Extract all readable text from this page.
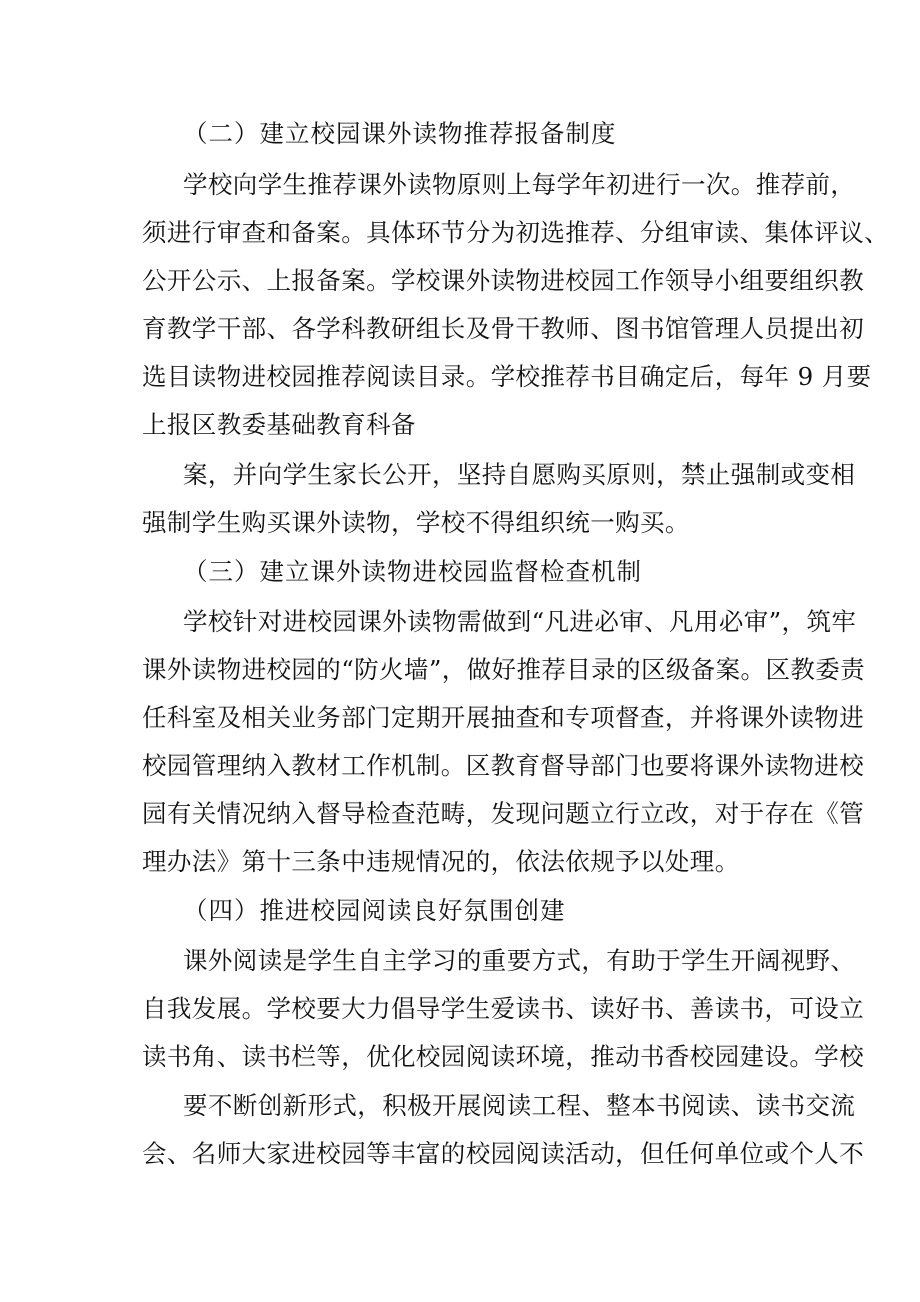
（二）建立校园课外读物推荐报备制度
学校向学生推荐课外读物原则上每学年初进行一次。推荐前，
须进行审查和备案。具体环节分为初选推荐、分组审读、集体评议、
公开公示、上报备案。学校课外读物进校园工作领导小组要组织教
育教学干部、各学科教研组长及骨干教师、图书馆管理人员提出初
选目读物进校园推荐阅读目录。学校推荐书目确定后，每年 9 月要
上报区教委基础教育科备
案，并向学生家长公开，坚持自愿购买原则，禁止强制或变相
强制学生购买课外读物，学校不得组织统一购买。
（三）建立课外读物进校园监督检查机制
学校针对进校园课外读物需做到“凡进必审、凡用必审”，筑牢
课外读物进校园的“防火墙”，做好推荐目录的区级备案。区教委责
任科室及相关业务部门定期开展抽查和专项督查，并将课外读物进
校园管理纳入教材工作机制。区教育督导部门也要将课外读物进校
园有关情况纳入督导检查范畴，发现问题立行立改，对于存在《管
理办法》第十三条中违规情况的，依法依规予以处理。
（四）推进校园阅读良好氛围创建
课外阅读是学生自主学习的重要方式，有助于学生开阔视野、
自我发展。学校要大力倡导学生爱读书、读好书、善读书，可设立
读书角、读书栏等，优化校园阅读环境，推动书香校园建设。学校
要不断创新形式，积极开展阅读工程、整本书阅读、读书交流
会、名师大家进校园等丰富的校园阅读活动，但任何单位或个人不
